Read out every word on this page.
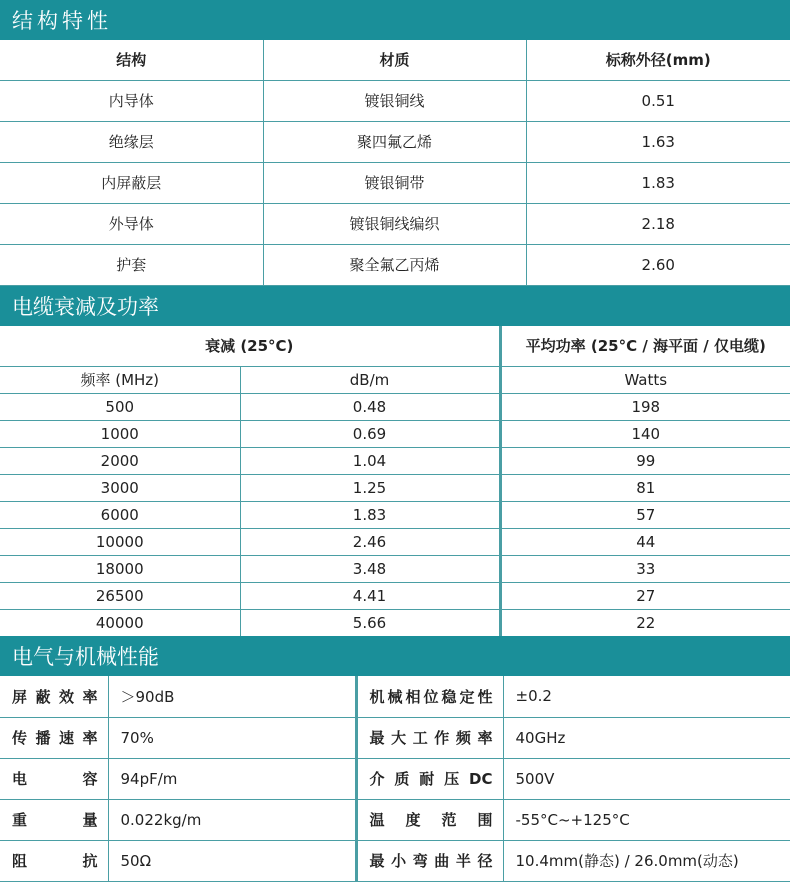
结构特性
结构	材质	标称外径(mm)
内导体	镀银铜线	0.51
绝缘层	聚四氟乙烯	1.63
内屏蔽层	镀银铜带	1.83
外导体	镀银铜线编织	2.18
护套	聚全氟乙丙烯	2.60
电缆衰减及功率
衰减 (25°C)		平均功率 (25°C / 海平面 / 仅电缆)
频率 (MHz)	dB/m	Watts
500	0.48	198
1000	0.69	140
2000	1.04	99
3000	1.25	81
6000	1.83	57
10000	2.46	44
18000	3.48	33
26500	4.41	27
40000	5.66	22
电气与机械性能
屏蔽效率	＞90dB	机械相位稳定性	±0.2

传播速率	70%	最大工作频率	40GHz

电容	94pF/m	介质耐压DC	500V

重量	0.022kg/m	温度范围	-55°C~+125°C

阻抗	50Ω	最小弯曲半径	10.4mm(静态) / 26.0mm(动态)
